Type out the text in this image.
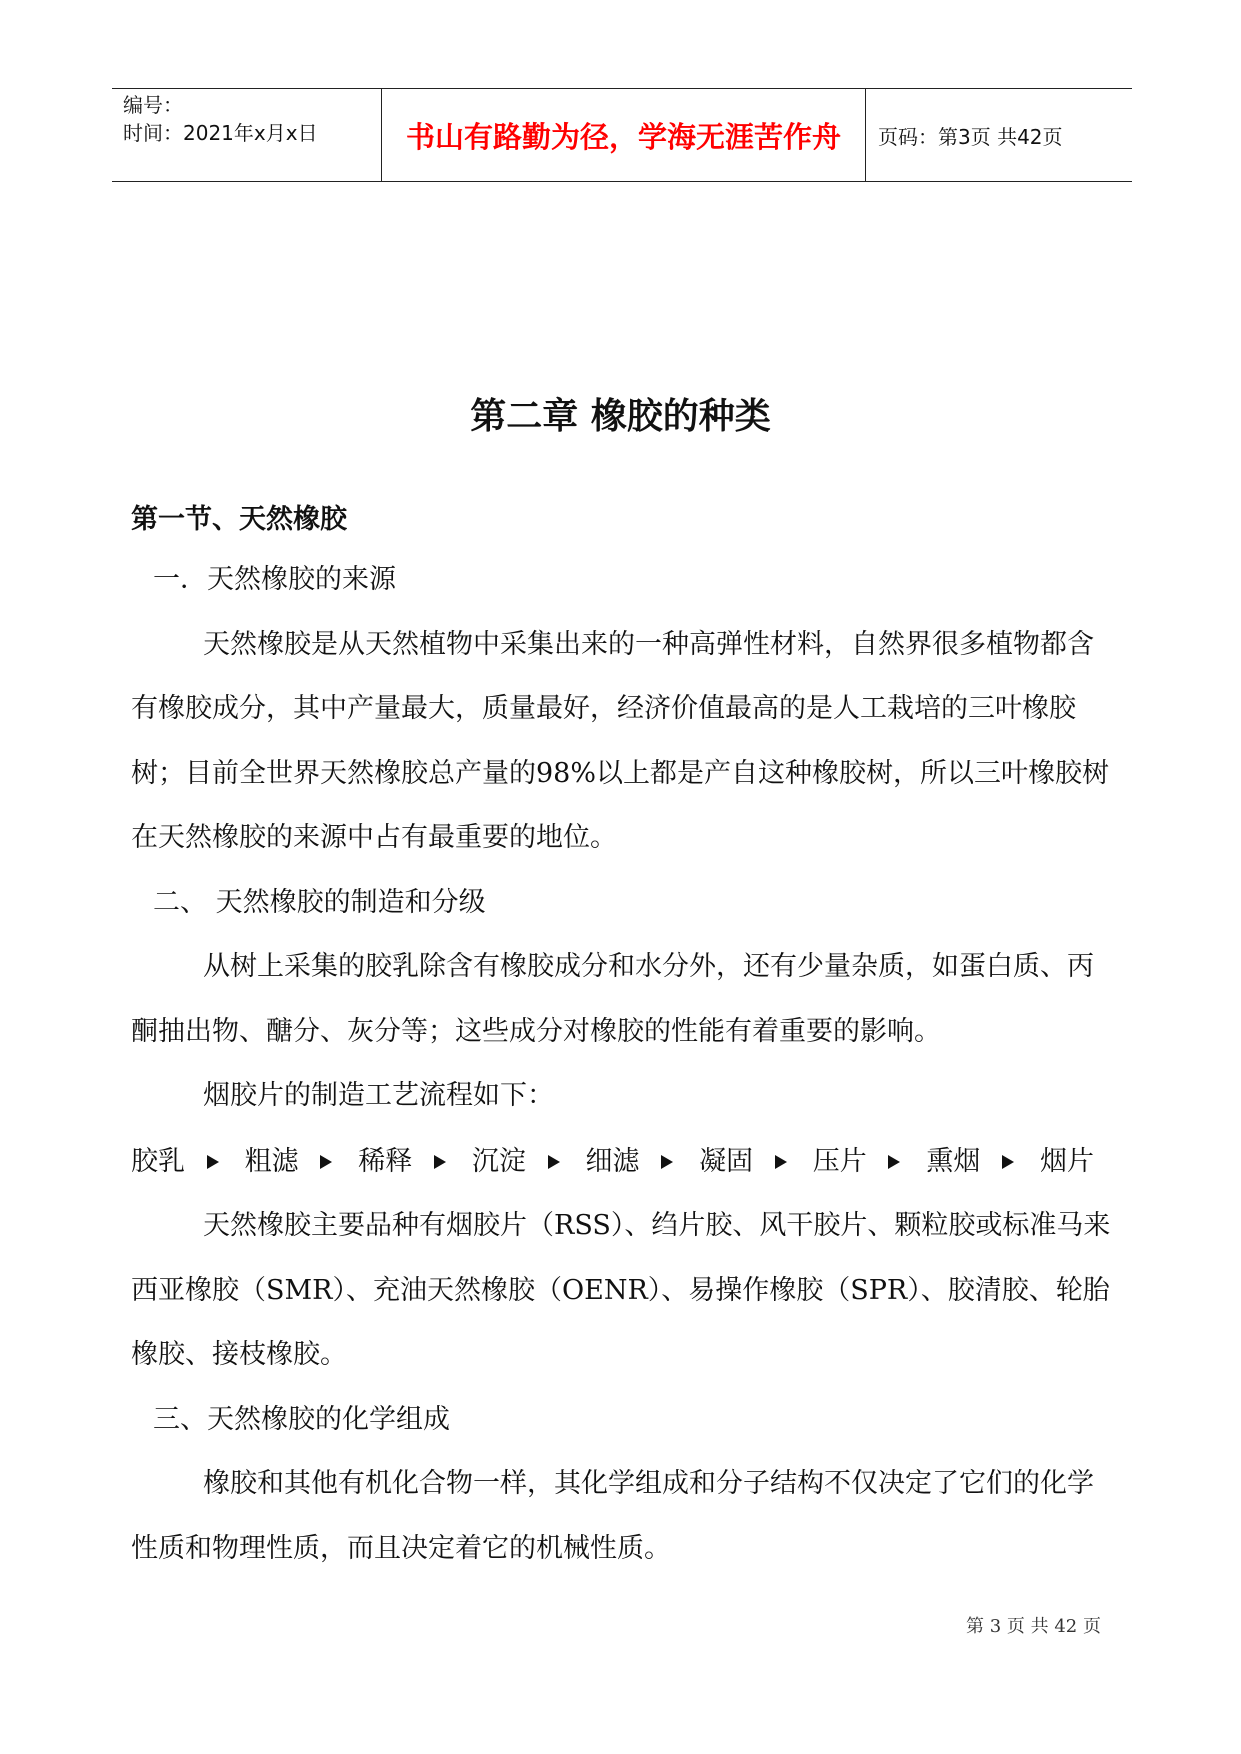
编号：
时间：2021年x月x日	书山有路勤为径，学海无涯苦作舟	页码：第3页 共42页
第二章 橡胶的种类
第一节、天然橡胶
一．天然橡胶的来源
天然橡胶是从天然植物中采集出来的一种高弹性材料，自然界很多植物都含有橡胶成分，其中产量最大，质量最好，经济价值最高的是人工栽培的三叶橡胶树；目前全世界天然橡胶总产量的98%以上都是产自这种橡胶树，所以三叶橡胶树在天然橡胶的来源中占有最重要的地位。
二、 天然橡胶的制造和分级
从树上采集的胶乳除含有橡胶成分和水分外，还有少量杂质，如蛋白质、丙酮抽出物、醣分、灰分等；这些成分对橡胶的性能有着重要的影响。
烟胶片的制造工艺流程如下：
胶乳 粗滤 稀释 沉淀 细滤 凝固 压片 熏烟 烟片
天然橡胶主要品种有烟胶片（RSS）、绉片胶、风干胶片、颗粒胶或标准马来西亚橡胶（SMR）、充油天然橡胶（OENR）、易操作橡胶（SPR）、胶清胶、轮胎橡胶、接枝橡胶。
三、天然橡胶的化学组成
橡胶和其他有机化合物一样，其化学组成和分子结构不仅决定了它们的化学性质和物理性质，而且决定着它的机械性质。
第 3 页 共 42 页
